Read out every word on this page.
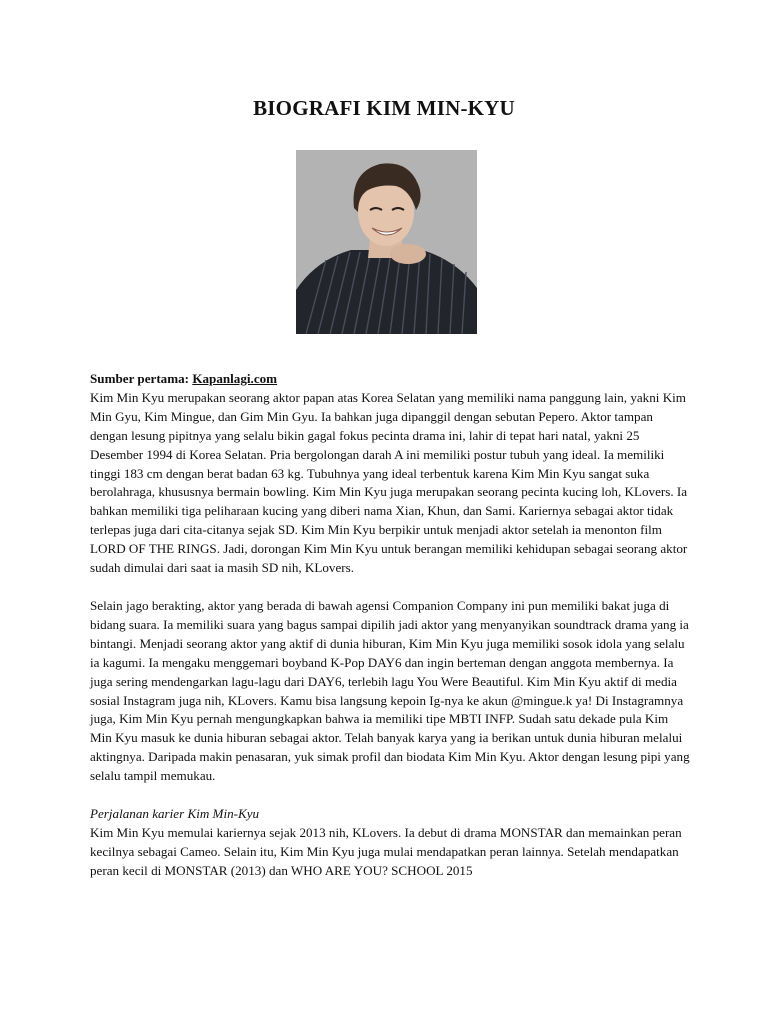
BIOGRAFI KIM MIN-KYU

Sumber pertama: Kapanlagi.com

Kim Min Kyu merupakan seorang aktor papan atas Korea Selatan yang memiliki nama panggung lain, yakni Kim Min Gyu, Kim Mingue, dan Gim Min Gyu. Ia bahkan juga dipanggil dengan sebutan Pepero. Aktor tampan dengan lesung pipitnya yang selalu bikin gagal fokus pecinta drama ini, lahir di tepat hari natal, yakni 25 Desember 1994 di Korea Selatan. Pria bergolongan darah A ini memiliki postur tubuh yang ideal. Ia memiliki tinggi 183 cm dengan berat badan 63 kg. Tubuhnya yang ideal terbentuk karena Kim Min Kyu sangat suka berolahraga, khususnya bermain bowling. Kim Min Kyu juga merupakan seorang pecinta kucing loh, KLovers. Ia bahkan memiliki tiga peliharaan kucing yang diberi nama Xian, Khun, dan Sami. Kariernya sebagai aktor tidak terlepas juga dari cita-citanya sejak SD. Kim Min Kyu berpikir untuk menjadi aktor setelah ia menonton film LORD OF THE RINGS. Jadi, dorongan Kim Min Kyu untuk berangan memiliki kehidupan sebagai seorang aktor sudah dimulai dari saat ia masih SD nih, KLovers.

Selain jago berakting, aktor yang berada di bawah agensi Companion Company ini pun memiliki bakat juga di bidang suara. Ia memiliki suara yang bagus sampai dipilih jadi aktor yang menyanyikan soundtrack drama yang ia bintangi. Menjadi seorang aktor yang aktif di dunia hiburan, Kim Min Kyu juga memiliki sosok idola yang selalu ia kagumi. Ia mengaku menggemari boyband K-Pop DAY6 dan ingin berteman dengan anggota membernya. Ia juga sering mendengarkan lagu-lagu dari DAY6, terlebih lagu You Were Beautiful. Kim Min Kyu aktif di media sosial Instagram juga nih, KLovers. Kamu bisa langsung kepoin Ig-nya ke akun @mingue.k ya! Di Instagramnya juga, Kim Min Kyu pernah mengungkapkan bahwa ia memiliki tipe MBTI INFP. Sudah satu dekade pula Kim Min Kyu masuk ke dunia hiburan sebagai aktor. Telah banyak karya yang ia berikan untuk dunia hiburan melalui aktingnya. Daripada makin penasaran, yuk simak profil dan biodata Kim Min Kyu. Aktor dengan lesung pipi yang selalu tampil memukau.

Perjalanan karier Kim Min-Kyu

Kim Min Kyu memulai kariernya sejak 2013 nih, KLovers. Ia debut di drama MONSTAR dan memainkan peran kecilnya sebagai Cameo. Selain itu, Kim Min Kyu juga mulai mendapatkan peran lainnya. Setelah mendapatkan peran kecil di MONSTAR (2013) dan WHO ARE YOU? SCHOOL 2015
